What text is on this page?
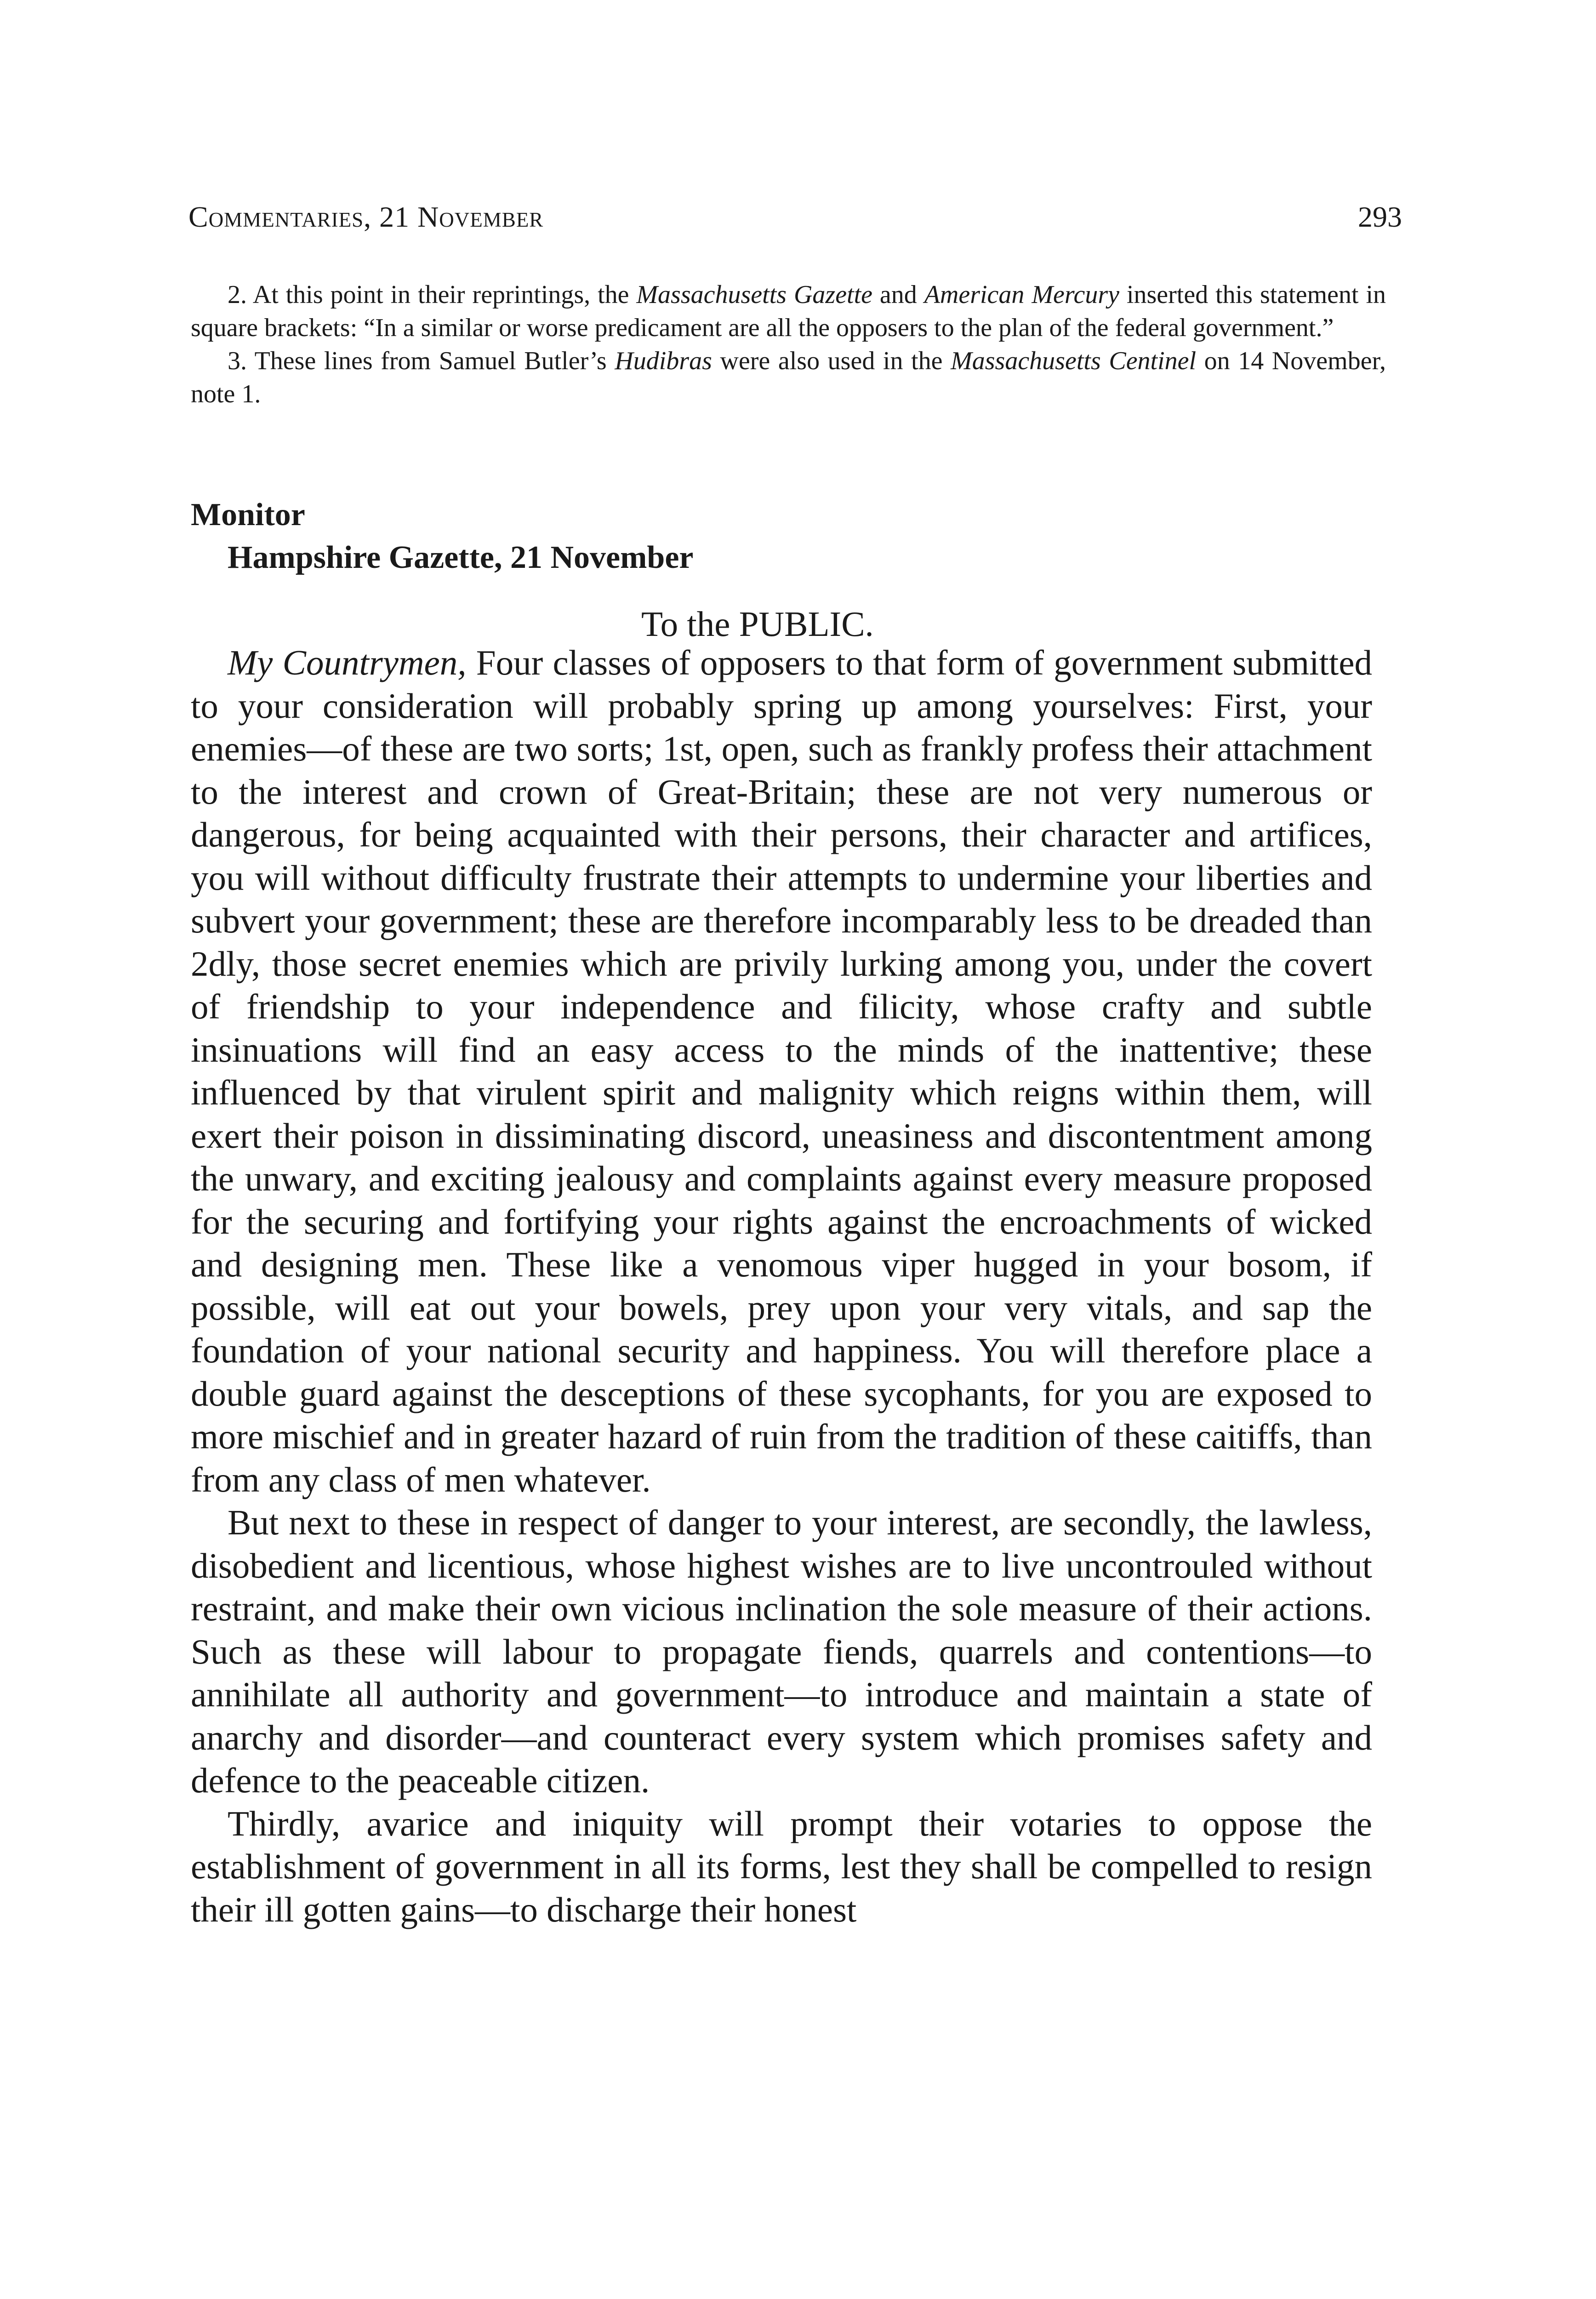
Commentaries, 21 November	293

2. At this point in their reprintings, the Massachusetts Gazette and American Mercury inserted this statement in square brackets: “In a similar or worse predicament are all the opposers to the plan of the federal government.”

3. These lines from Samuel Butler’s Hudibras were also used in the Massachusetts Centinel on 14 November, note 1.

Monitor
Hampshire Gazette, 21 November
To the PUBLIC.

My Countrymen, Four classes of opposers to that form of government submitted to your consideration will probably spring up among yourselves: First, your enemies—of these are two sorts; 1st, open, such as frankly profess their attachment to the interest and crown of Great-Britain; these are not very numerous or dangerous, for being acquainted with their persons, their character and artifices, you will without difficulty frustrate their attempts to undermine your liberties and subvert your government; these are therefore incomparably less to be dreaded than 2dly, those secret enemies which are privily lurking among you, under the covert of friendship to your independence and filicity, whose crafty and subtle insinuations will find an easy access to the minds of the inattentive; these influenced by that virulent spirit and malignity which reigns within them, will exert their poison in dissiminating discord, uneasiness and discontentment among the unwary, and exciting jealousy and complaints against every measure proposed for the securing and fortifying your rights against the encroachments of wicked and designing men. These like a venomous viper hugged in your bosom, if possible, will eat out your bowels, prey upon your very vitals, and sap the foundation of your national security and happiness. You will therefore place a double guard against the desceptions of these sycophants, for you are exposed to more mischief and in greater hazard of ruin from the tradition of these caitiffs, than from any class of men whatever.

But next to these in respect of danger to your interest, are secondly, the lawless, disobedient and licentious, whose highest wishes are to live uncontrouled without restraint, and make their own vicious inclination the sole measure of their actions. Such as these will labour to propagate fiends, quarrels and contentions—to annihilate all authority and government—to introduce and maintain a state of anarchy and disorder—and counteract every system which promises safety and defence to the peaceable citizen.

Thirdly, avarice and iniquity will prompt their votaries to oppose the establishment of government in all its forms, lest they shall be compelled to resign their ill gotten gains—to discharge their honest
